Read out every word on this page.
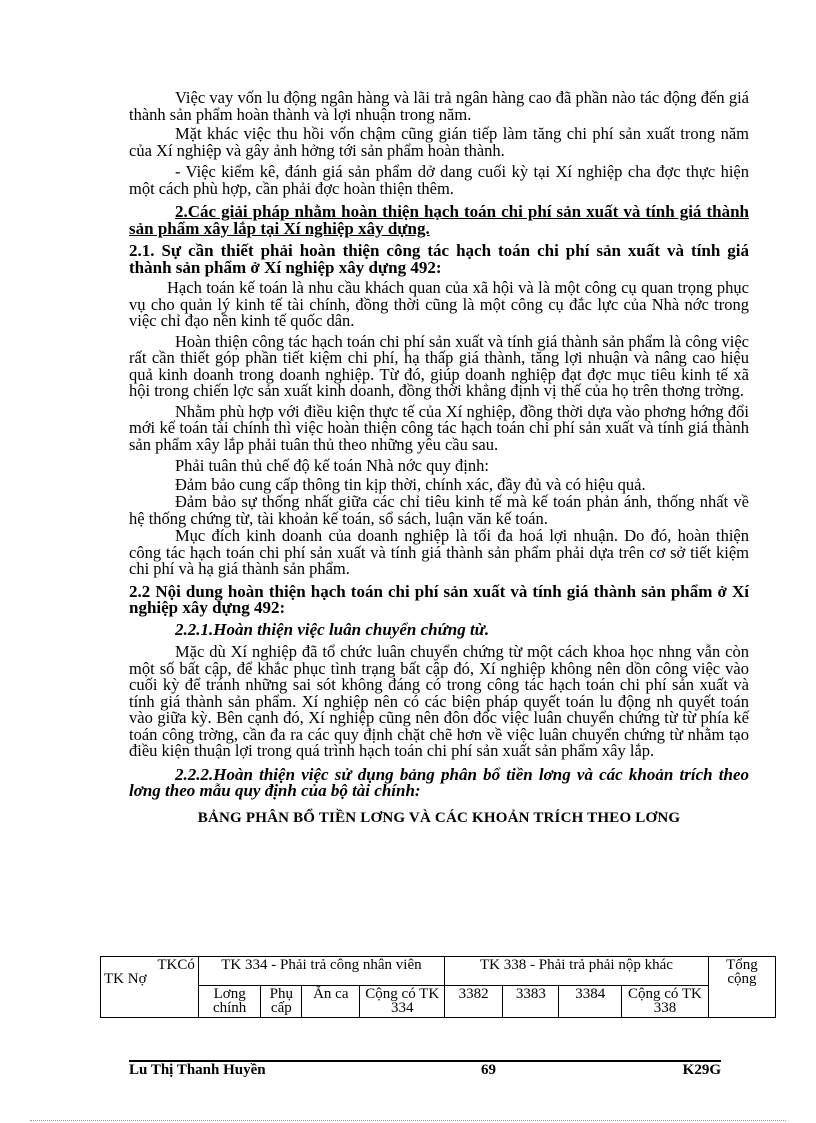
Việc vay vốn lu động ngân hàng và lãi trả ngân hàng cao đã phần nào tác động đến giá thành sản phẩm hoàn thành và lợi nhuận trong năm.

Mặt khác việc thu hồi vốn chậm cũng gián tiếp làm tăng chi phí sản xuất trong năm của Xí nghiệp và gây ảnh hởng tới sản phẩm hoàn thành.

- Việc kiểm kê, đánh giá sản phẩm dở dang cuối kỳ tại Xí nghiệp cha đợc thực hiện một cách phù hợp, cần phải đợc hoàn thiện thêm.

2.Các giải pháp nhằm hoàn thiện hạch toán chi phí sản xuất và tính giá thành sản phẩm xây lắp tại Xí nghiệp xây dựng.

2.1. Sự cần thiết phải hoàn thiện công tác hạch toán chi phí sản xuất và tính giá thành sản phẩm ở Xí nghiệp xây dựng 492:

Hạch toán kế toán là nhu cầu khách quan của xã hội và là một công cụ quan trọng phục vụ cho quản lý kinh tế tài chính, đồng thời cũng là một công cụ đắc lực của Nhà nớc trong việc chỉ đạo nền kinh tế quốc dân.

Hoàn thiện công tác hạch toán chi phí sản xuất và tính giá thành sản phẩm là công việc rất cần thiết góp phần tiết kiệm chi phí, hạ thấp giá thành, tăng lợi nhuận và nâng cao hiệu quả kinh doanh trong doanh nghiệp. Từ đó, giúp doanh nghiệp đạt đợc mục tiêu kinh tế xã hội trong chiến lợc sản xuất kinh doanh, đồng thời khẳng định vị thế của họ trên thơng trờng.

Nhằm phù hợp với điều kiện thực tế của Xí nghiệp, đồng thời dựa vào phơng hớng đổi mới kế toán tài chính thì việc hoàn thiện công tác hạch toán chi phí sản xuất và tính giá thành sản phẩm xây lắp phải tuân thủ theo những yêu cầu sau.

Phải tuân thủ chế độ kế toán Nhà nớc quy định:

Đảm bảo cung cấp thông tin kịp thời, chính xác, đầy đủ và có hiệu quả.

Đảm bảo sự thống nhất giữa các chỉ tiêu kinh tế mà kế toán phản ánh, thống nhất về hệ thống chứng từ, tài khoản kế toán, sổ sách, luận văn kế toán.

Mục đích kinh doanh của doanh nghiệp là tối đa hoá lợi nhuận. Do đó, hoàn thiện công tác hạch toán chi phí sản xuất và tính giá thành sản phẩm phải dựa trên cơ sở tiết kiệm chi phí và hạ giá thành sản phẩm.

2.2 Nội dung hoàn thiện hạch toán chi phí sản xuất và tính giá thành sản phẩm ở Xí nghiệp xây dựng 492:

2.2.1.Hoàn thiện việc luân chuyển chứng từ.

Mặc dù Xí nghiệp đã tổ chức luân chuyển chứng từ một cách khoa học nhng vẫn còn một số bất cập, để khắc phục tình trạng bất cập đó, Xí nghiệp không nên dồn công việc vào cuối kỳ để tránh những sai sót không đáng có trong công tác hạch toán chi phí sản xuất và tính giá thành sản phẩm. Xí nghiệp nên có các biện pháp quyết toán lu động nh quyết toán vào giữa kỳ. Bên cạnh đó, Xí nghiệp cũng nên đôn đốc việc luân chuyển chứng từ từ phía kế toán công trờng, cần đa ra các quy định chặt chẽ hơn về việc luân chuyển chứng từ nhằm tạo điều kiện thuận lợi trong quá trình hạch toán chi phí sản xuất sản phẩm xây lắp.

2.2.2.Hoàn thiện việc sử dụng bảng phân bổ tiền lơng và các khoản trích theo lơng theo mẫu quy định của bộ tài chính:

BẢNG PHÂN BỔ TIỀN LƠNG VÀ CÁC KHOẢN TRÍCH THEO LƠNG

TKCó
TK Nợ	TK 334 - Phải trả công nhân viên				TK 338 - Phải trả phải nộp khác				Tổng cộng
	Lơng chính	Phụ cấp	Ăn ca	Cộng có TK 334	3382	3383	3384	Cộng có TK 338	
Lu Thị Thanh Huyền	69	K29G
